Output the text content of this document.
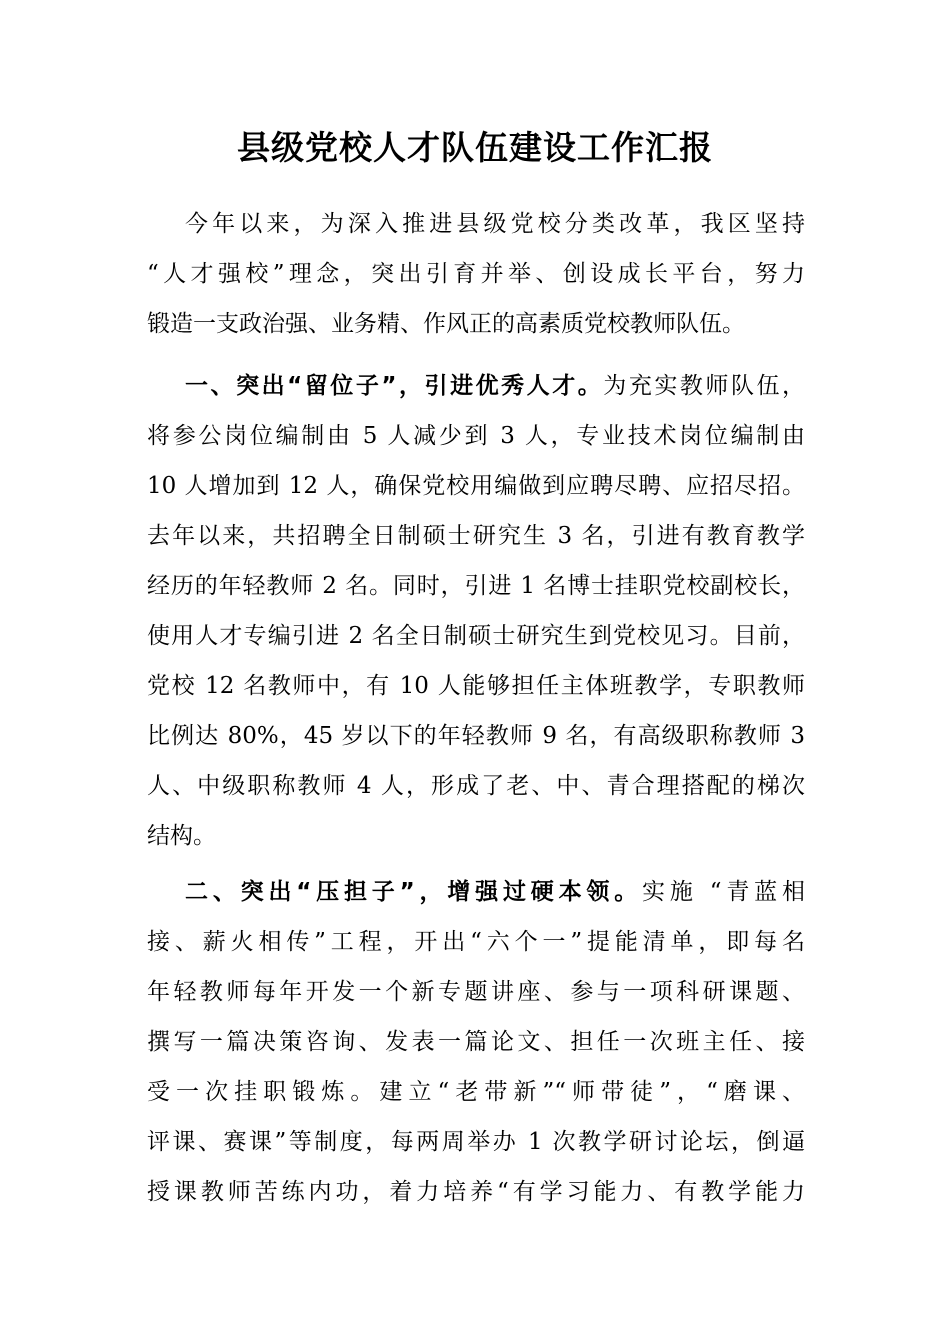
县级党校人才队伍建设工作汇报
今年以来，为深入推进县级党校分类改革，我区坚持
“人才强校”理念，突出引育并举、创设成长平台，努力
锻造一支政治强、业务精、作风正的高素质党校教师队伍。
一、突出“留位子”，引进优秀人才。为充实教师队伍，
将参公岗位编制由 5 人减少到 3 人，专业技术岗位编制由
10 人增加到 12 人，确保党校用编做到应聘尽聘、应招尽招。
去年以来，共招聘全日制硕士研究生 3 名，引进有教育教学
经历的年轻教师 2 名。同时，引进 1 名博士挂职党校副校长，
使用人才专编引进 2 名全日制硕士研究生到党校见习。目前，
党校 12 名教师中，有 10 人能够担任主体班教学，专职教师
比例达 80%，45 岁以下的年轻教师 9 名，有高级职称教师 3
人、中级职称教师 4 人，形成了老、中、青合理搭配的梯次
结构。
二、突出“压担子”，增强过硬本领。实施 “青蓝相
接、薪火相传”工程，开出“六个一”提能清单，即每名
年轻教师每年开发一个新专题讲座、参与一项科研课题、
撰写一篇决策咨询、发表一篇论文、担任一次班主任、接
受一次挂职锻炼。建立“老带新”“师带徒”，“磨课、
评课、赛课”等制度，每两周举办 1 次教学研讨论坛，倒逼
授课教师苦练内功，着力培养“有学习能力、有教学能力
